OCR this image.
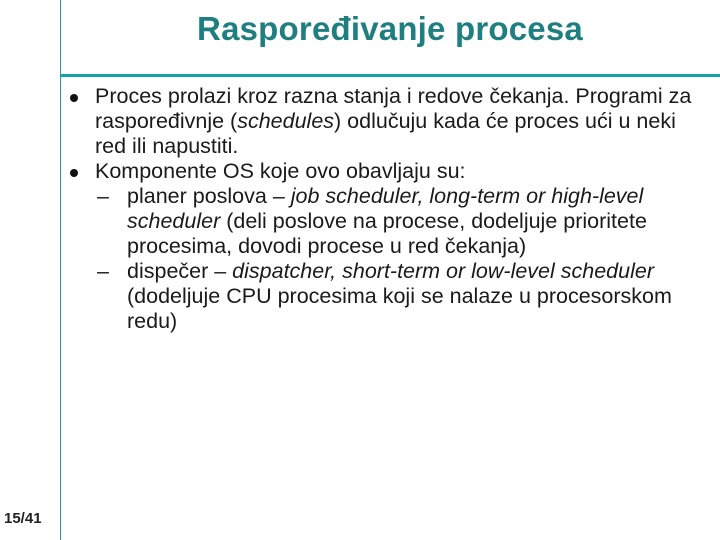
Raspoređivanje procesa
Proces prolazi kroz razna stanja i redove čekanja. Programi za raspoređivnje (schedules) odlučuju kada će proces ući u neki red ili napustiti.
Komponente OS koje ovo obavljaju su:
– planer poslova – job scheduler, long-term or high-level scheduler (deli poslove na procese, dodeljuje prioritete procesima, dovodi procese u red čekanja)
– dispečer – dispatcher, short-term or low-level scheduler (dodeljuje CPU procesima koji se nalaze u procesorskom redu)
15/41
